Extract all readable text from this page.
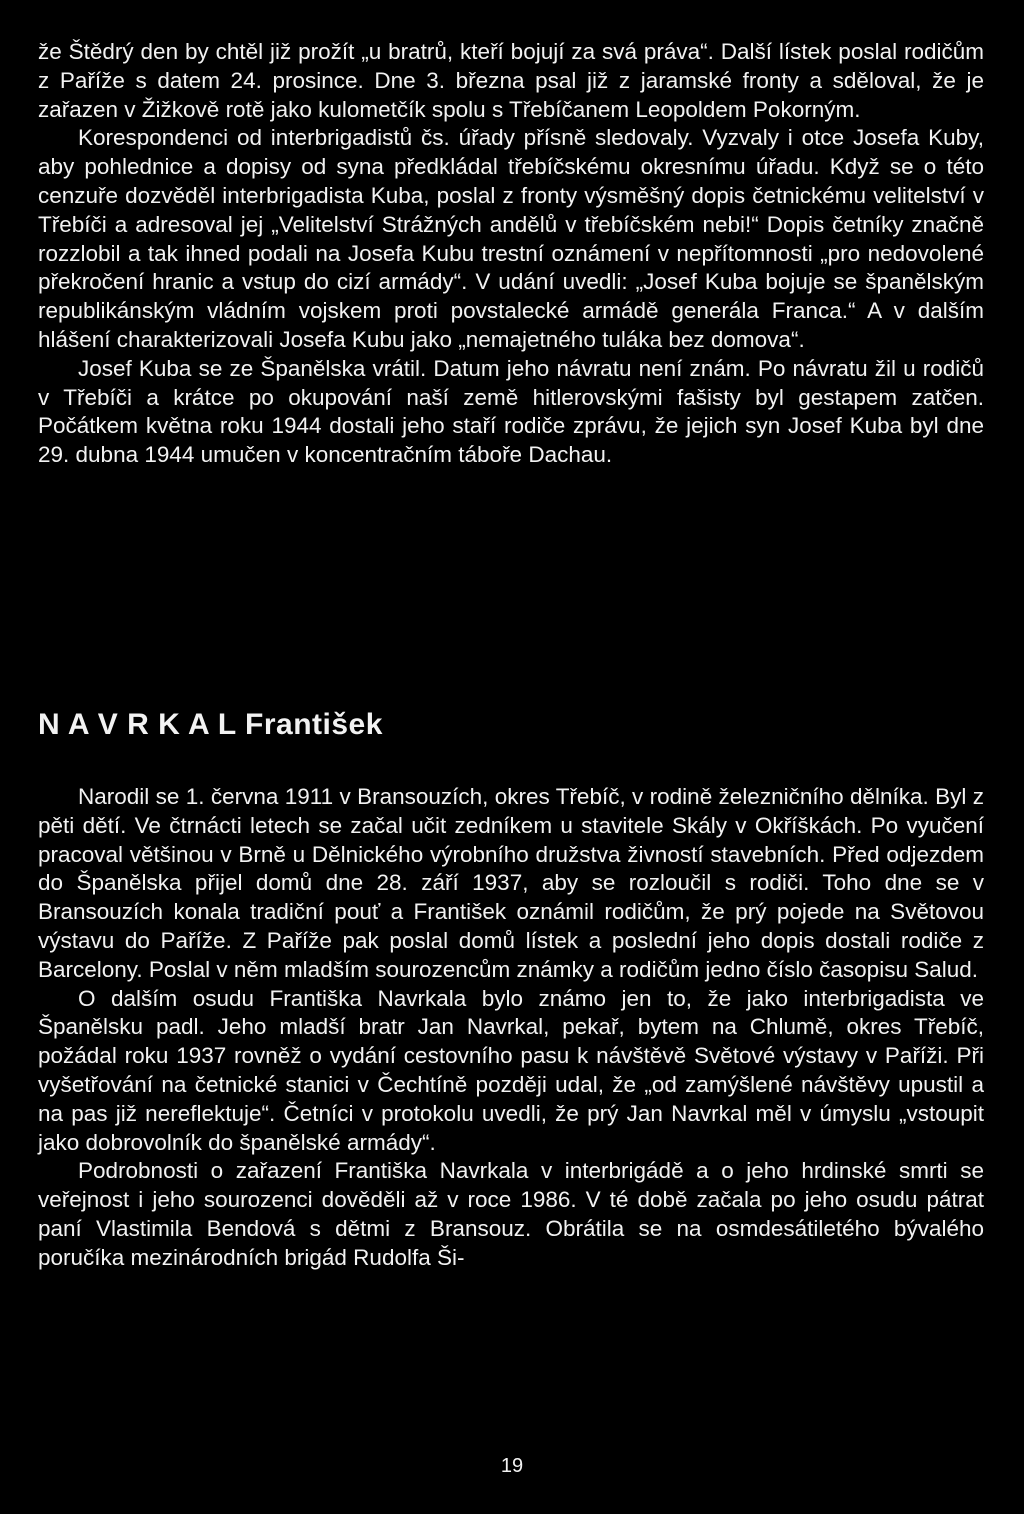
že Štědrý den by chtěl již prožít „u bratrů, kteří bojují za svá práva“. Další lístek poslal rodičům z Paříže s datem 24. prosince. Dne 3. března psal již z jaramské fronty a sděloval, že je zařazen v Žižkově rotě jako kulometčík spolu s Třebíčanem Leopoldem Pokorným.

Korespondenci od interbrigadistů čs. úřady přísně sledovaly. Vyzvaly i otce Josefa Kuby, aby pohlednice a dopisy od syna předkládal třebíčskému okresnímu úřadu. Když se o této cenzuře dozvěděl interbrigadista Kuba, poslal z fronty výsměšný dopis četnickému velitelství v Třebíči a adresoval jej „Velitelství Strážných andělů v třebíčském nebi!“ Dopis četníky značně rozzlobil a tak ihned podali na Josefa Kubu trestní oznámení v nepřítomnosti „pro nedovolené překročení hranic a vstup do cizí armády“. V udání uvedli: „Josef Kuba bojuje se španělským republikánským vládním vojskem proti povstalecké armádě generála Franca.“ A v dalším hlášení charakterizovali Josefa Kubu jako „nemajetného tuláka bez domova“.

Josef Kuba se ze Španělska vrátil. Datum jeho návratu není znám. Po návratu žil u rodičů v Třebíči a krátce po okupování naší země hitlerovskými fašisty byl gestapem zatčen. Počátkem května roku 1944 dostali jeho staří rodiče zprávu, že jejich syn Josef Kuba byl dne 29. dubna 1944 umučen v koncentračním táboře Dachau.

N A V R K A L František

Narodil se 1. června 1911 v Bransouzích, okres Třebíč, v rodině železničního dělníka. Byl z pěti dětí. Ve čtrnácti letech se začal učit zedníkem u stavitele Skály v Okříškách. Po vyučení pracoval většinou v Brně u Dělnického výrobního družstva živností stavebních. Před odjezdem do Španělska přijel domů dne 28. září 1937, aby se rozloučil s rodiči. Toho dne se v Bransouzích konala tradiční pouť a František oznámil rodičům, že prý pojede na Světovou výstavu do Paříže. Z Paříže pak poslal domů lístek a poslední jeho dopis dostali rodiče z Barcelony. Poslal v něm mladším sourozencům známky a rodičům jedno číslo časopisu Salud.

O dalším osudu Františka Navrkala bylo známo jen to, že jako interbrigadista ve Španělsku padl. Jeho mladší bratr Jan Navrkal, pekař, bytem na Chlumě, okres Třebíč, požádal roku 1937 rovněž o vydání cestovního pasu k návštěvě Světové výstavy v Paříži. Při vyšetřování na četnické stanici v Čechtíně později udal, že „od zamýšlené návštěvy upustil a na pas již nereflektuje“. Četníci v protokolu uvedli, že prý Jan Navrkal měl v úmyslu „vstoupit jako dobrovolník do španělské armády“.

Podrobnosti o zařazení Františka Navrkala v interbrigádě a o jeho hrdinské smrti se veřejnost i jeho sourozenci dověděli až v roce 1986. V té době začala po jeho osudu pátrat paní Vlastimila Bendová s dětmi z Bransouz. Obrátila se na osmdesátiletého bývalého poručíka mezinárodních brigád Rudolfa Ši-

19
